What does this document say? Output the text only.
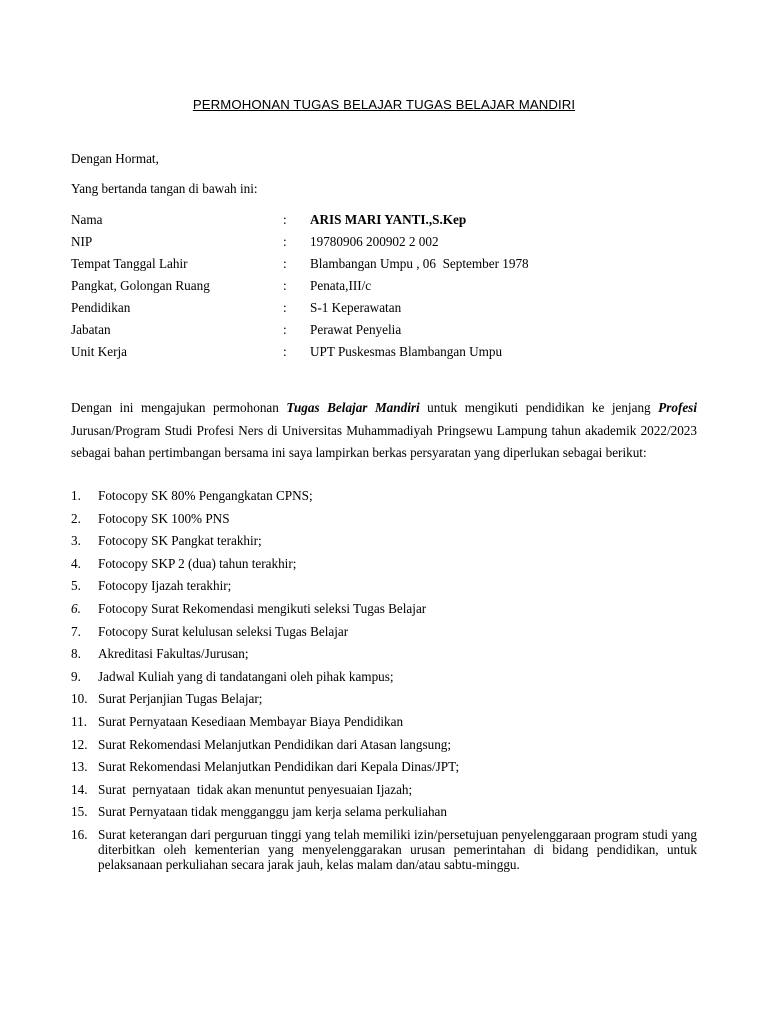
PERMOHONAN TUGAS BELAJAR TUGAS BELAJAR MANDIRI
Dengan Hormat,
Yang bertanda tangan di bawah ini:
Nama	: ARIS MARI YANTI.,S.Kep
NIP	: 19780906 200902 2 002
Tempat Tanggal Lahir	: Blambangan Umpu , 06  September 1978
Pangkat, Golongan Ruang	: Penata,III/c
Pendidikan	: S-1 Keperawatan
Jabatan	: Perawat Penyelia
Unit Kerja	: UPT Puskesmas Blambangan Umpu
Dengan ini mengajukan permohonan Tugas Belajar Mandiri untuk mengikuti pendidikan ke jenjang Profesi Jurusan/Program Studi Profesi Ners di Universitas Muhammadiyah Pringsewu Lampung tahun akademik 2022/2023 sebagai bahan pertimbangan bersama ini saya lampirkan berkas persyaratan yang diperlukan sebagai berikut:
1. Fotocopy SK 80% Pengangkatan CPNS;
2. Fotocopy SK 100% PNS
3. Fotocopy SK Pangkat terakhir;
4. Fotocopy SKP 2 (dua) tahun terakhir;
5. Fotocopy Ijazah terakhir;
6. Fotocopy Surat Rekomendasi mengikuti seleksi Tugas Belajar
7. Fotocopy Surat kelulusan seleksi Tugas Belajar
8. Akreditasi Fakultas/Jurusan;
9. Jadwal Kuliah yang di tandatangani oleh pihak kampus;
10. Surat Perjanjian Tugas Belajar;
11. Surat Pernyataan Kesediaan Membayar Biaya Pendidikan
12. Surat Rekomendasi Melanjutkan Pendidikan dari Atasan langsung;
13. Surat Rekomendasi Melanjutkan Pendidikan dari Kepala Dinas/JPT;
14. Surat  pernyataan  tidak akan menuntut penyesuaian Ijazah;
15. Surat Pernyataan tidak mengganggu jam kerja selama perkuliahan
16. Surat keterangan dari perguruan tinggi yang telah memiliki izin/persetujuan penyelenggaraan program studi yang diterbitkan oleh kementerian yang menyelenggarakan urusan pemerintahan di bidang pendidikan, untuk pelaksanaan perkuliahan secara jarak jauh, kelas malam dan/atau sabtu-minggu.
